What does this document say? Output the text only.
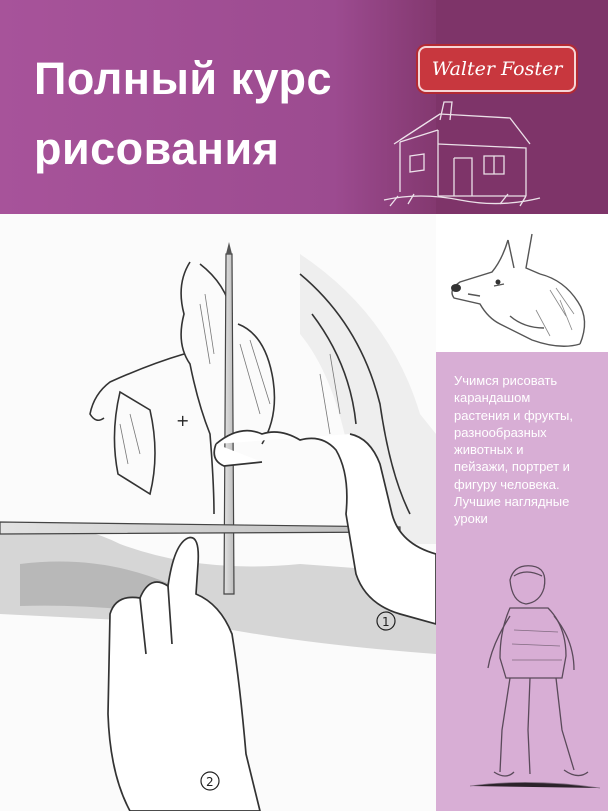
Полный курс
рисования
Walter Foster
Учимся рисовать
карандашом
растения и фрукты,
разнообразных
животных и
пейзажи, портрет и
фигуру человека.
Лучшие наглядные
уроки
+
1
2
